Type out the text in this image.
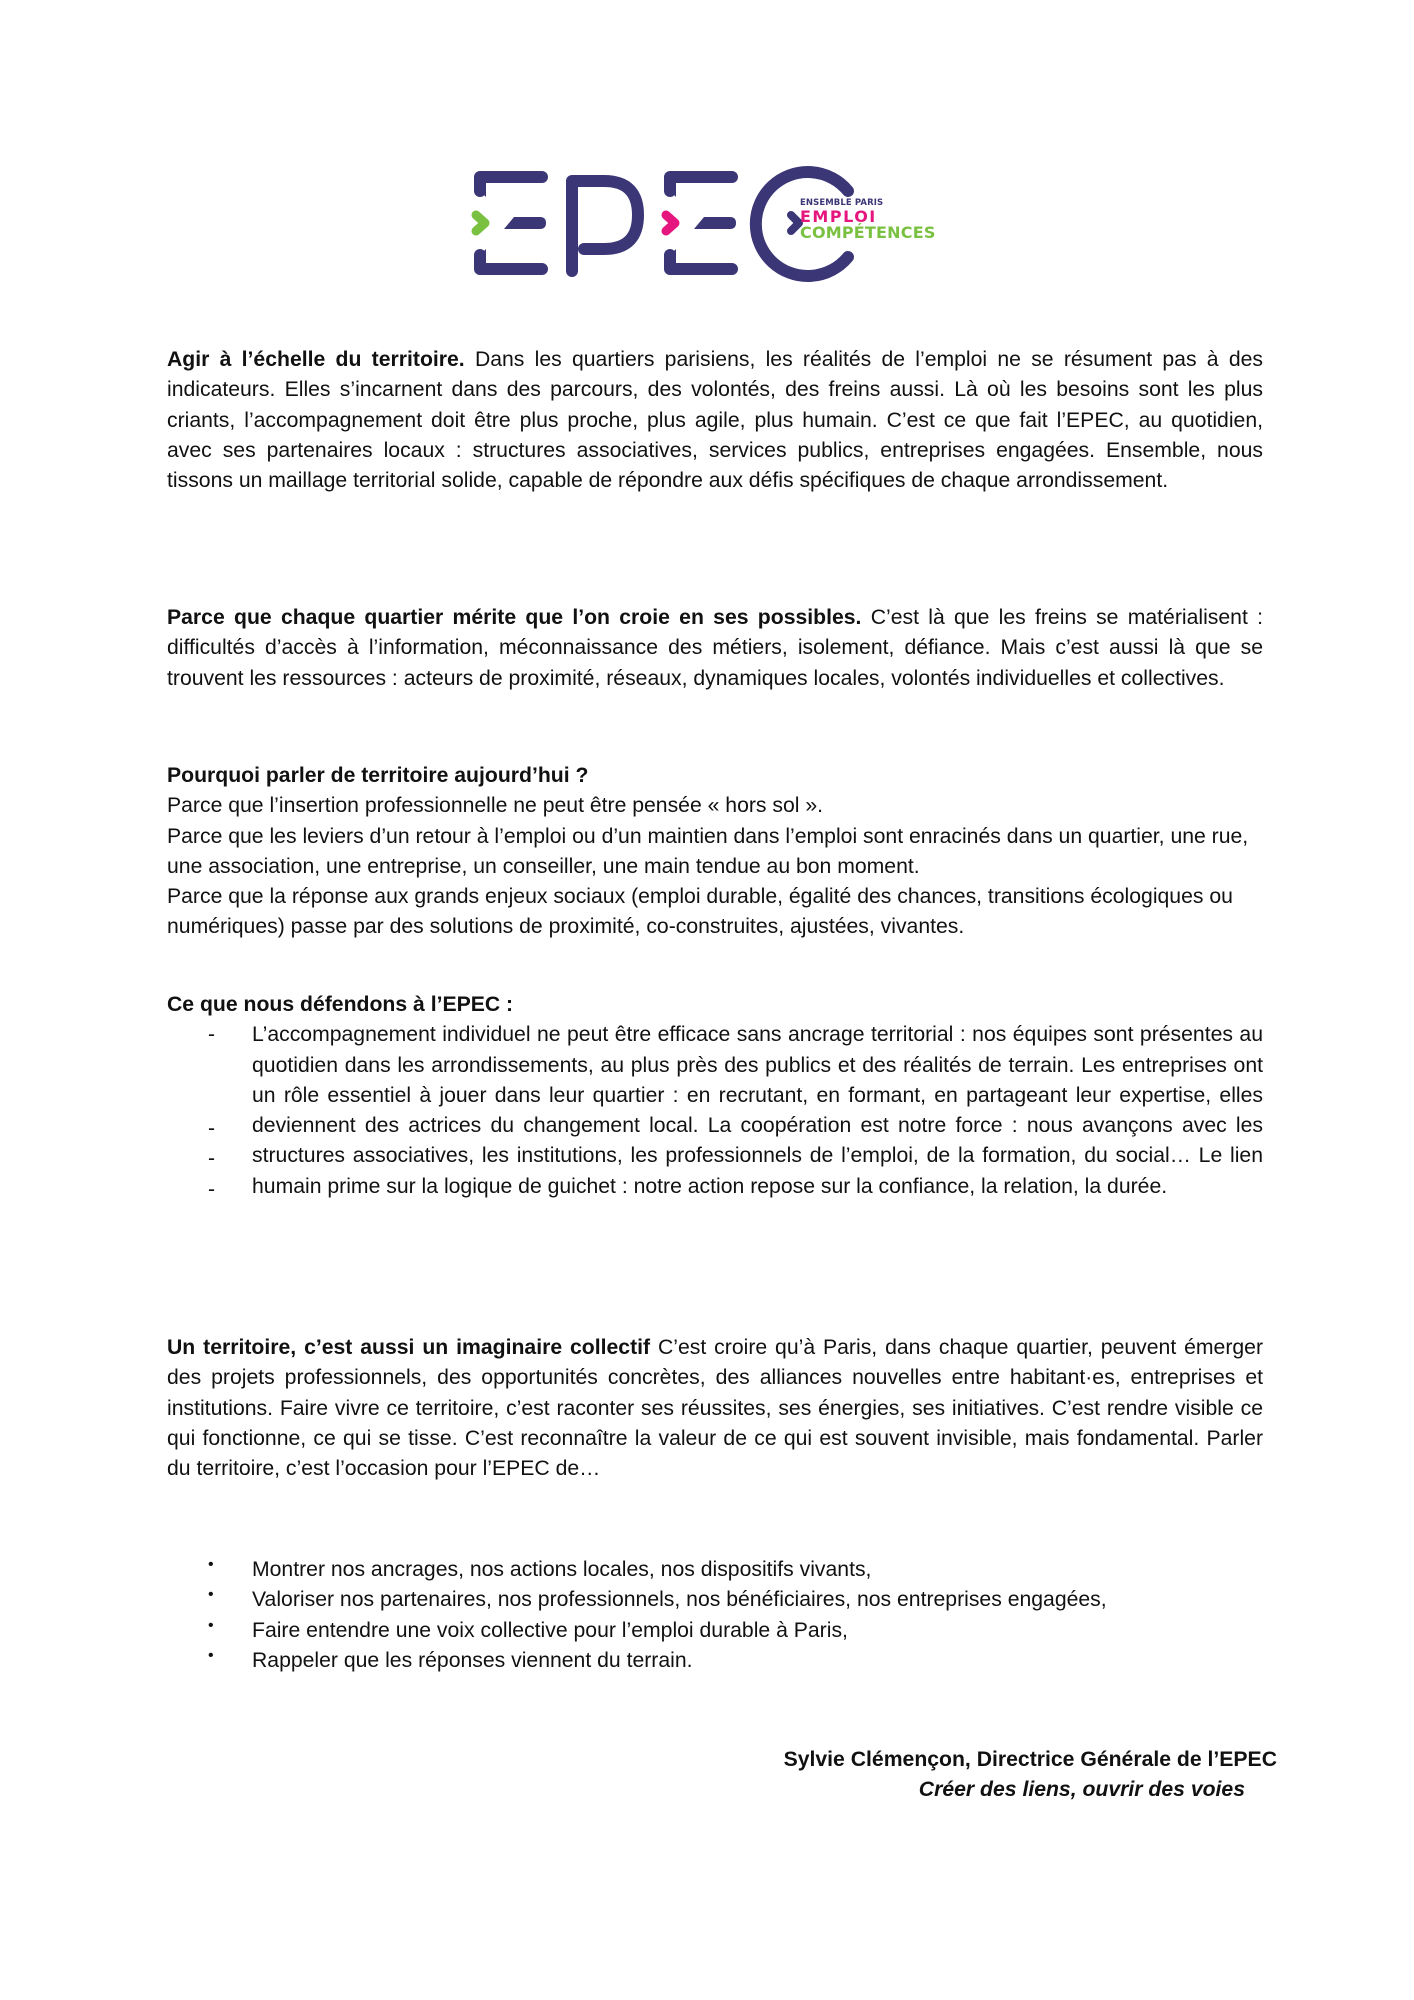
ENSEMBLE PARIS
EMPLOI
COMPÉTENCES

Agir à l’échelle du territoire. Dans les quartiers parisiens, les réalités de l’emploi ne se résument pas à des indicateurs. Elles s’incarnent dans des parcours, des volontés, des freins aussi. Là où les besoins sont les plus criants, l’accompagnement doit être plus proche, plus agile, plus humain. C’est ce que fait l’EPEC, au quotidien, avec ses partenaires locaux : structures associatives, services publics, entreprises engagées. Ensemble, nous tissons un maillage territorial solide, capable de répondre aux défis spécifiques de chaque arrondissement.

Parce que chaque quartier mérite que l’on croie en ses possibles. C’est là que les freins se matérialisent : difficultés d’accès à l’information, méconnaissance des métiers, isolement, défiance. Mais c’est aussi là que se trouvent les ressources : acteurs de proximité, réseaux, dynamiques locales, volontés individuelles et collectives.

Pourquoi parler de territoire aujourd’hui ?

Parce que l’insertion professionnelle ne peut être pensée « hors sol ».

Parce que les leviers d’un retour à l’emploi ou d’un maintien dans l’emploi sont enracinés dans un quartier, une rue, une association, une entreprise, un conseiller, une main tendue au bon moment.

Parce que la réponse aux grands enjeux sociaux (emploi durable, égalité des chances, transitions écologiques ou numériques) passe par des solutions de proximité, co-construites, ajustées, vivantes.

Ce que nous défendons à l’EPEC :

-
-
-
-

L’accompagnement individuel ne peut être efficace sans ancrage territorial : nos équipes sont présentes au quotidien dans les arrondissements, au plus près des publics et des réalités de terrain. Les entreprises ont un rôle essentiel à jouer dans leur quartier : en recrutant, en formant, en partageant leur expertise, elles deviennent des actrices du changement local. La coopération est notre force : nous avançons avec les structures associatives, les institutions, les professionnels de l’emploi, de la formation, du social… Le lien humain prime sur la logique de guichet : notre action repose sur la confiance, la relation, la durée.

Un territoire, c’est aussi un imaginaire collectif C’est croire qu’à Paris, dans chaque quartier, peuvent émerger des projets professionnels, des opportunités concrètes, des alliances nouvelles entre habitant·es, entreprises et institutions. Faire vivre ce territoire, c’est raconter ses réussites, ses énergies, ses initiatives. C’est rendre visible ce qui fonctionne, ce qui se tisse. C’est reconnaître la valeur de ce qui est souvent invisible, mais fondamental. Parler du territoire, c’est l’occasion pour l’EPEC de…

• Montrer nos ancrages, nos actions locales, nos dispositifs vivants,
• Valoriser nos partenaires, nos professionnels, nos bénéficiaires, nos entreprises engagées,
• Faire entendre une voix collective pour l’emploi durable à Paris,
• Rappeler que les réponses viennent du terrain.
Sylvie Clémençon, Directrice Générale de l’EPEC
Créer des liens, ouvrir des voies
